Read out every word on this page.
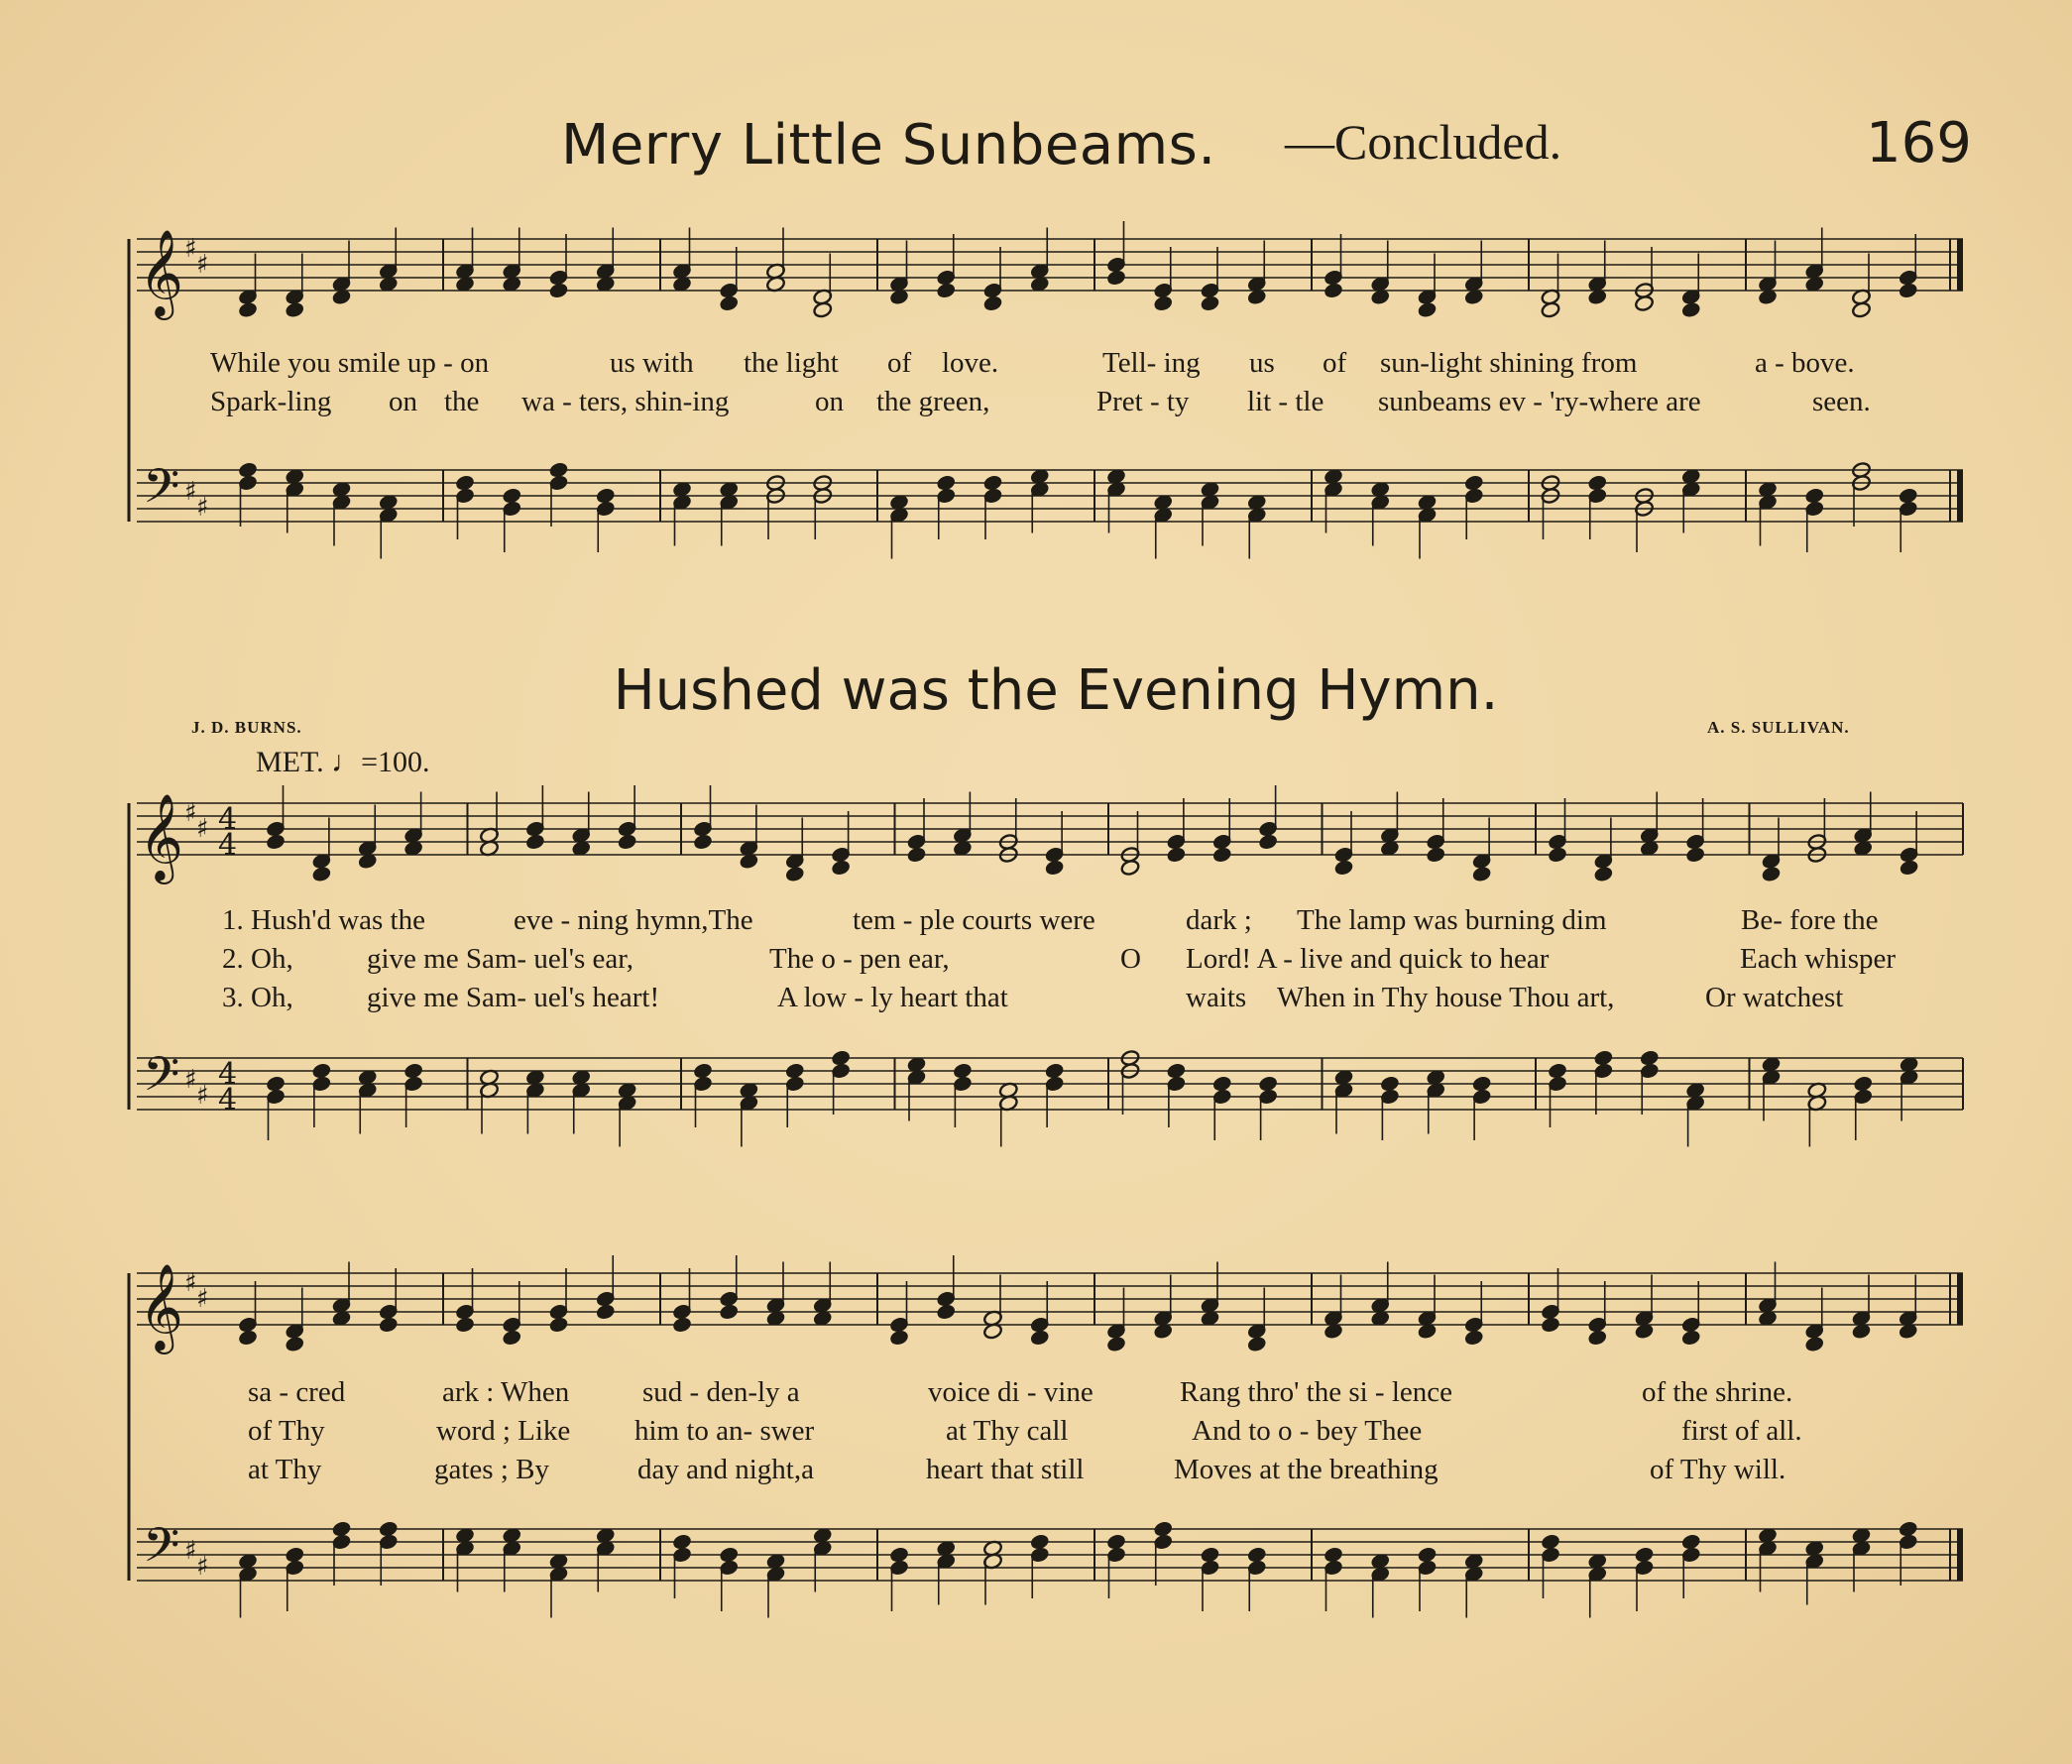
Merry Little Sunbeams. —Concluded.	169
𝄞
𝄢
♯
♯
♯
♯
𝄞
𝄢
♯
♯
♯
♯
4
4
4
4
𝄞
𝄢
♯
♯
♯
♯
While you smile up - on	us with the light of love.	Tell- ing us of sun-light shining from	a - bove.
Spark-ling on the wa - ters, shin-ing	on the green,	Pret - ty lit - tle sunbeams ev - 'ry-where are	seen.
Hushed was the Evening Hymn.
J. D. BURNS.	A. S. SULLIVAN.
MET. ♩=100.
1. Hush'd was the	eve - ning hymn,The	tem - ple courts were	dark ; The lamp was burning dim	Be- fore the
2. Oh,	give me Sam- uel's ear,	The o - pen ear,	O Lord! A - live and quick to hear	Each whisper
3. Oh,	give me Sam- uel's heart!	A low - ly heart that	waits When in Thy house Thou art,	Or watchest
sa - cred	ark : When	sud - den-ly a	voice di - vine	Rang thro' the si - lence	of the shrine.
of Thy	word ; Like him to an- swer	at Thy call	And to o - bey Thee	first of all.
at Thy	gates ; By	day and night,a	heart that still	Moves at the breathing	of Thy will.
